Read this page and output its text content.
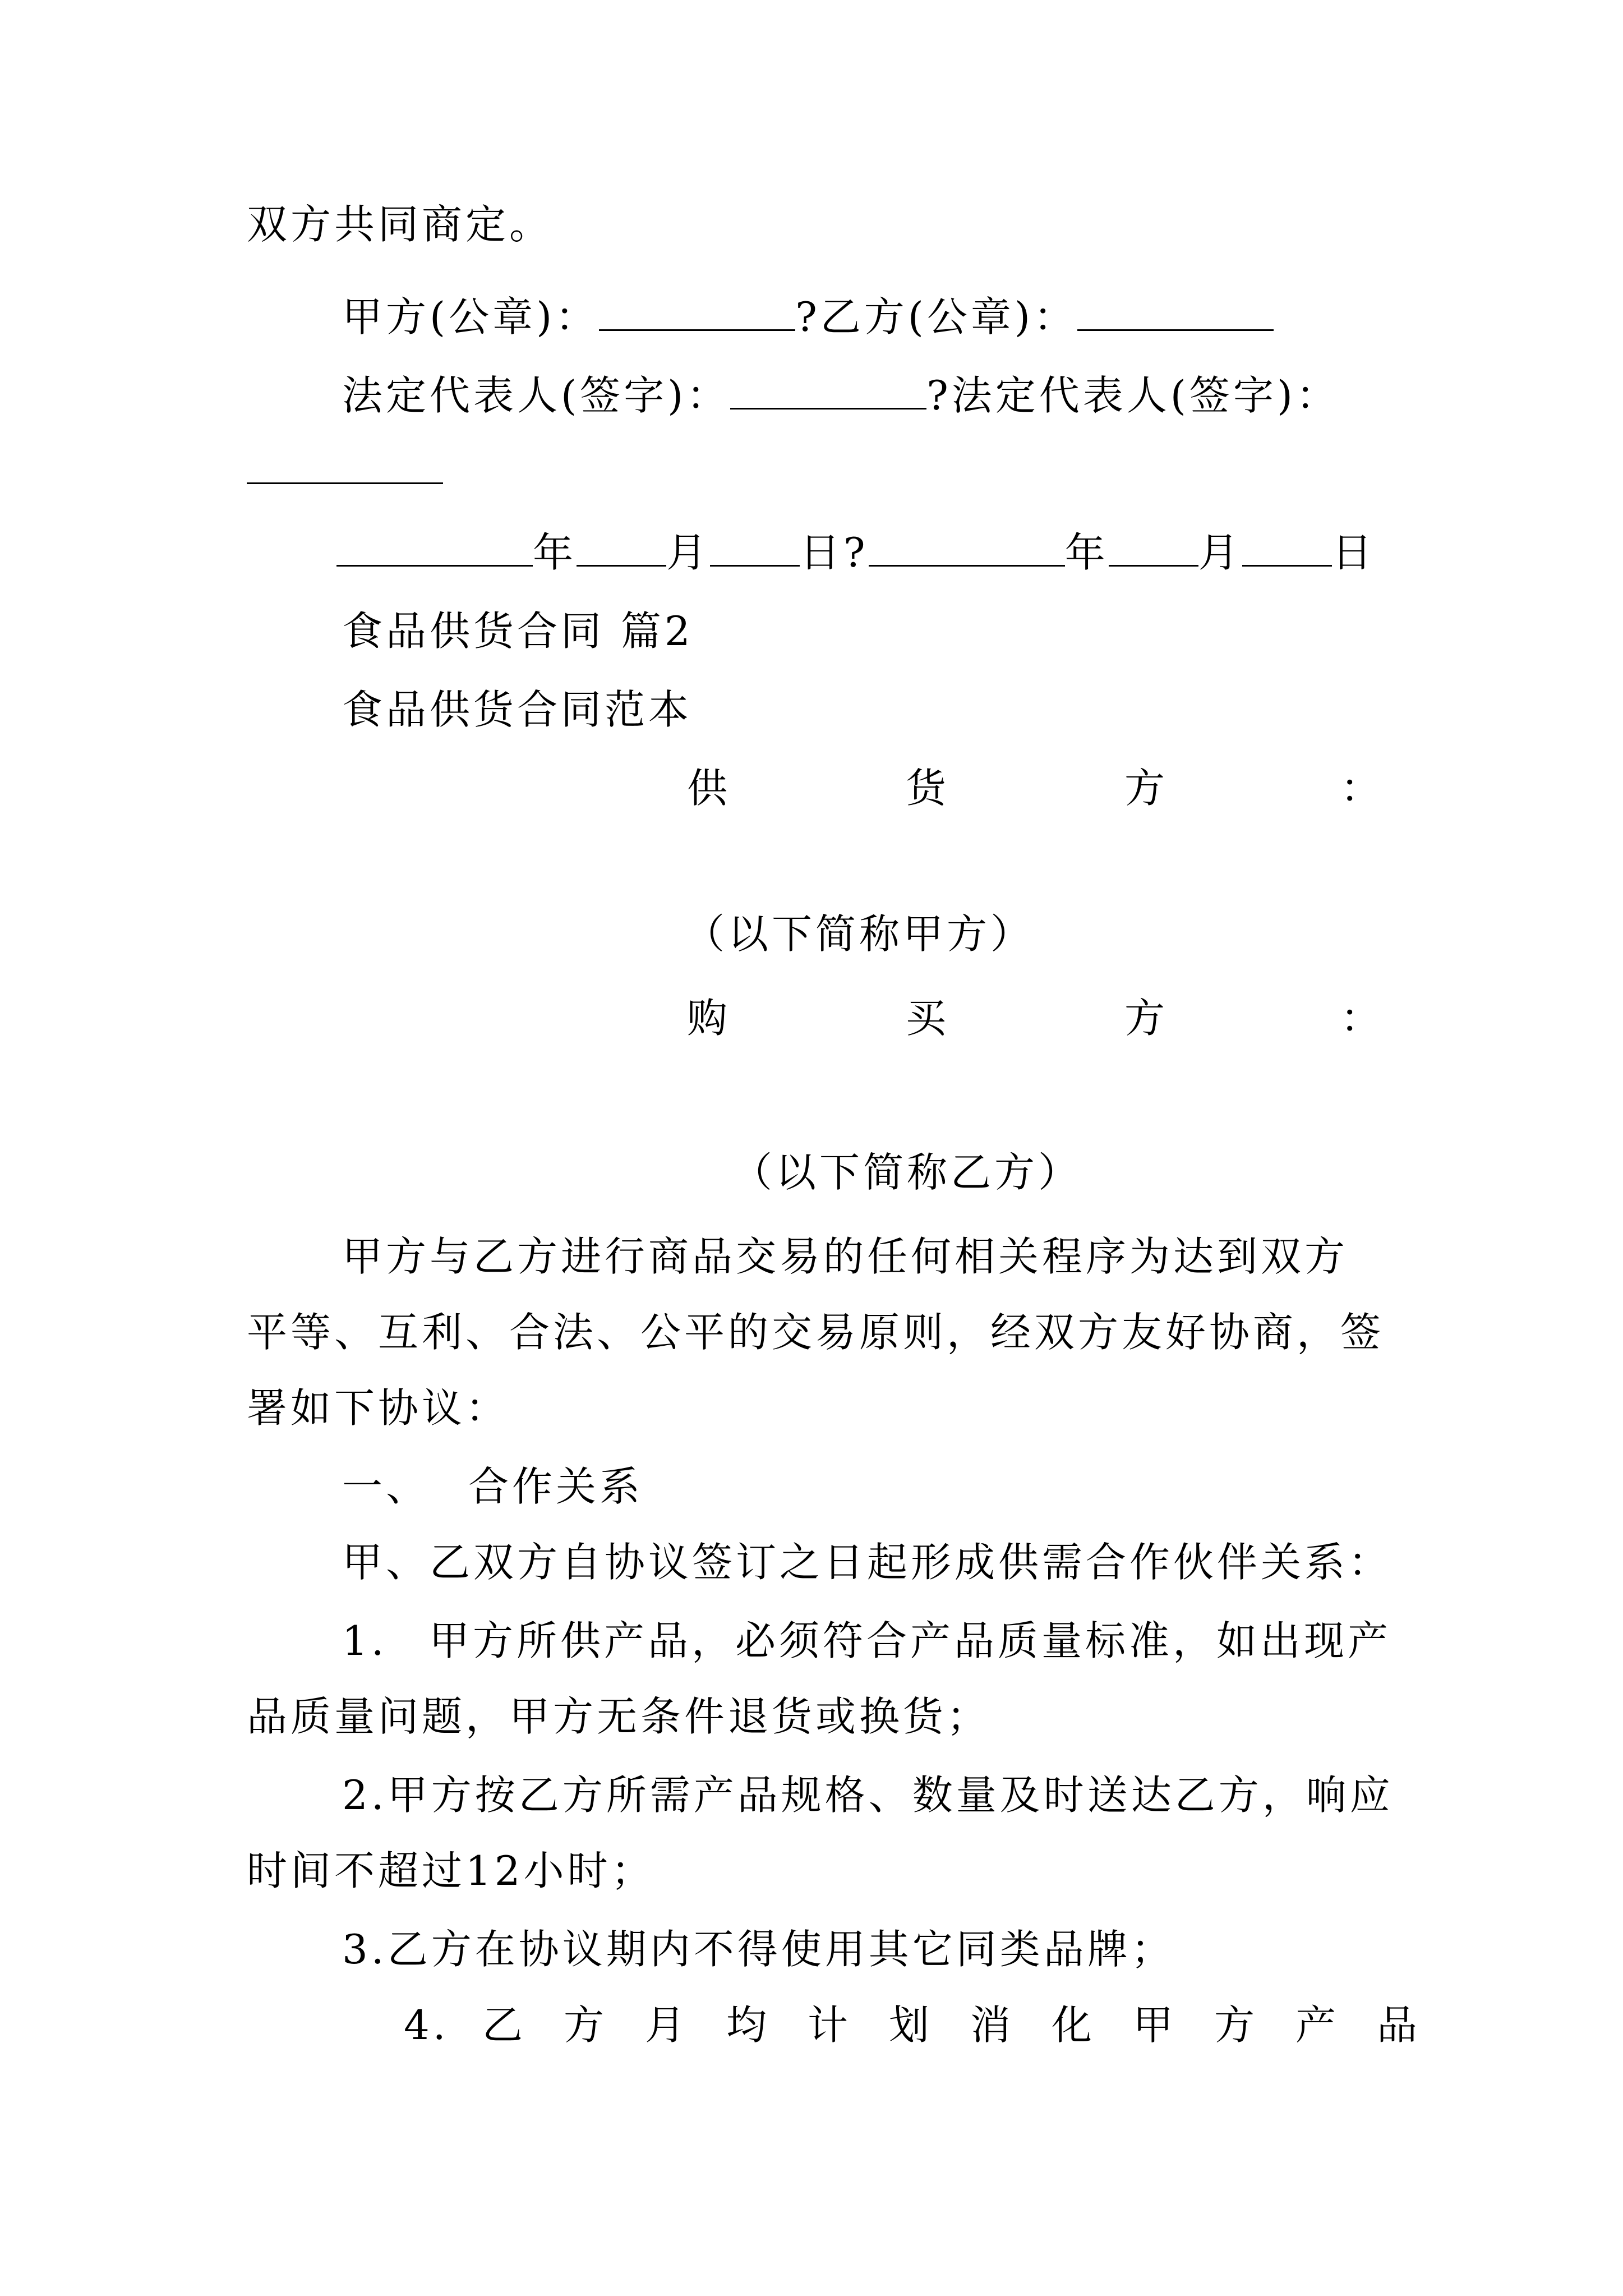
双方共同商定。
甲方(公章)：	?乙方(公章)：
法定代表人(签字)：	?法定代表人(签字)：
年 月 日?	年 月 日
食品供货合同 篇2
食品供货合同范本
供	货	方	：
（以下简称甲方）
购	买	方	：
（以下简称乙方）
甲方与乙方进行商品交易的任何相关程序为达到双方
平等、互利、合法、公平的交易原则，经双方友好协商，签
署如下协议：
一、 合作关系
甲、乙双方自协议签订之日起形成供需合作伙伴关系：
1. 甲方所供产品，必须符合产品质量标准，如出现产
品质量问题，甲方无条件退货或换货；
2.甲方按乙方所需产品规格、数量及时送达乙方，响应
时间不超过12小时；
3.乙方在协议期内不得使用其它同类品牌；
4. 乙 方 月 均 计 划 消 化 甲 方 产 品
